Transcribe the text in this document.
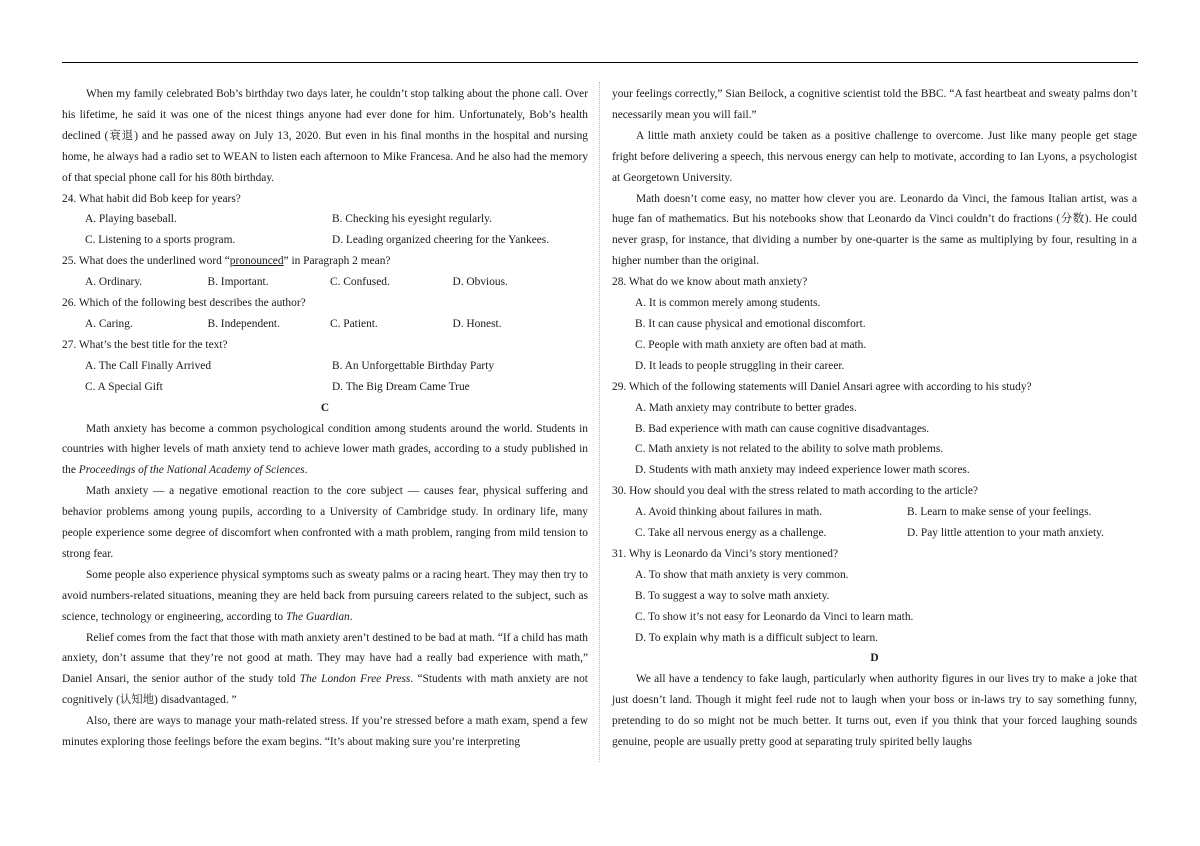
When my family celebrated Bob’s birthday two days later, he couldn’t stop talking about the phone call. Over his lifetime, he said it was one of the nicest things anyone had ever done for him. Unfortunately, Bob’s health declined (衰退) and he passed away on July 13, 2020. But even in his final months in the hospital and nursing home, he always had a radio set to WEAN to listen each afternoon to Mike Francesa. And he also had the memory of that special phone call for his 80th birthday.

24. What habit did Bob keep for years?

A. Playing baseball.	B. Checking his eyesight regularly.
C. Listening to a sports program.	D. Leading organized cheering for the Yankees.

25. What does the underlined word “pronounced” in Paragraph 2 mean?

A. Ordinary.	B. Important.	C. Confused.	D. Obvious.

26. Which of the following best describes the author?

A. Caring.	B. Independent.	C. Patient.	D. Honest.

27. What’s the best title for the text?

A. The Call Finally Arrived	B. An Unforgettable Birthday Party
C. A Special Gift	D. The Big Dream Came True

C

Math anxiety has become a common psychological condition among students around the world. Students in countries with higher levels of math anxiety tend to achieve lower math grades, according to a study published in the Proceedings of the National Academy of Sciences.

Math anxiety — a negative emotional reaction to the core subject — causes fear, physical suffering and behavior problems among young pupils, according to a University of Cambridge study. In ordinary life, many people experience some degree of discomfort when confronted with a math problem, ranging from mild tension to strong fear.

Some people also experience physical symptoms such as sweaty palms or a racing heart. They may then try to avoid numbers-related situations, meaning they are held back from pursuing careers related to the subject, such as science, technology or engineering, according to The Guardian.

Relief comes from the fact that those with math anxiety aren’t destined to be bad at math. “If a child has math anxiety, don’t assume that they’re not good at math. They may have had a really bad experience with math,” Daniel Ansari, the senior author of the study told The London Free Press. “Students with math anxiety are not cognitively (认知地) disadvantaged. ”

Also, there are ways to manage your math-related stress. If you’re stressed before a math exam, spend a few minutes exploring those feelings before the exam begins. “It’s about making sure you’re interpreting

your feelings correctly,” Sian Beilock, a cognitive scientist told the BBC. “A fast heartbeat and sweaty palms don’t necessarily mean you will fail.”

A little math anxiety could be taken as a positive challenge to overcome. Just like many people get stage fright before delivering a speech, this nervous energy can help to motivate, according to Ian Lyons, a psychologist at Georgetown University.

Math doesn’t come easy, no matter how clever you are. Leonardo da Vinci, the famous Italian artist, was a huge fan of mathematics. But his notebooks show that Leonardo da Vinci couldn’t do fractions (分数). He could never grasp, for instance, that dividing a number by one-quarter is the same as multiplying by four, resulting in a higher number than the original.

28. What do we know about math anxiety?

A. It is common merely among students.
B. It can cause physical and emotional discomfort.
C. People with math anxiety are often bad at math.
D. It leads to people struggling in their career.

29. Which of the following statements will Daniel Ansari agree with according to his study?

A. Math anxiety may contribute to better grades.
B. Bad experience with math can cause cognitive disadvantages.
C. Math anxiety is not related to the ability to solve math problems.
D. Students with math anxiety may indeed experience lower math scores.

30. How should you deal with the stress related to math according to the article?

A. Avoid thinking about failures in math.	B. Learn to make sense of your feelings.
C. Take all nervous energy as a challenge.	D. Pay little attention to your math anxiety.

31. Why is Leonardo da Vinci’s story mentioned?

A. To show that math anxiety is very common.
B. To suggest a way to solve math anxiety.
C. To show it’s not easy for Leonardo da Vinci to learn math.
D. To explain why math is a difficult subject to learn.

D

We all have a tendency to fake laugh, particularly when authority figures in our lives try to make a joke that just doesn’t land. Though it might feel rude not to laugh when your boss or in-laws try to say something funny, pretending to do so might not be much better. It turns out, even if you think that your forced laughing sounds genuine, people are usually pretty good at separating truly spirited belly laughs
